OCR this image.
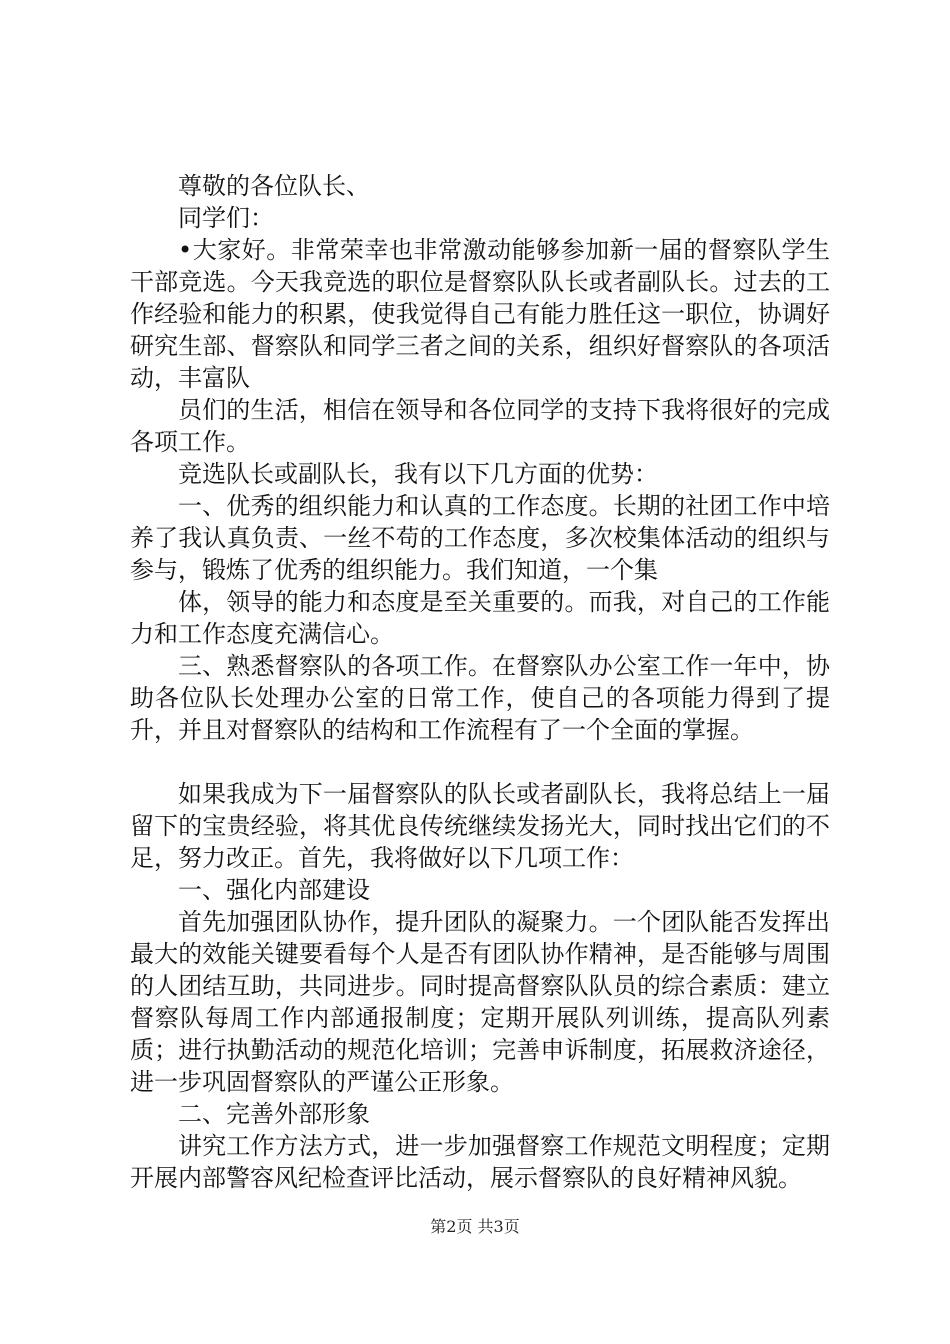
尊敬的各位队长、

同学们：

•大家好。非常荣幸也非常激动能够参加新一届的督察队学生干部竞选。今天我竞选的职位是督察队队长或者副队长。过去的工作经验和能力的积累，使我觉得自己有能力胜任这一职位，协调好研究生部、督察队和同学三者之间的关系，组织好督察队的各项活动，丰富队

员们的生活，相信在领导和各位同学的支持下我将很好的完成各项工作。

竞选队长或副队长，我有以下几方面的优势：

一、优秀的组织能力和认真的工作态度。长期的社团工作中培养了我认真负责、一丝不苟的工作态度，多次校集体活动的组织与参与，锻炼了优秀的组织能力。我们知道，一个集

体，领导的能力和态度是至关重要的。而我，对自己的工作能力和工作态度充满信心。

三、熟悉督察队的各项工作。在督察队办公室工作一年中，协助各位队长处理办公室的日常工作，使自己的各项能力得到了提升，并且对督察队的结构和工作流程有了一个全面的掌握。

如果我成为下一届督察队的队长或者副队长，我将总结上一届留下的宝贵经验，将其优良传统继续发扬光大，同时找出它们的不足，努力改正。首先，我将做好以下几项工作：

一、强化内部建设

首先加强团队协作，提升团队的凝聚力。一个团队能否发挥出最大的效能关键要看每个人是否有团队协作精神，是否能够与周围的人团结互助，共同进步。同时提高督察队队员的综合素质：建立督察队每周工作内部通报制度；定期开展队列训练，提高队列素质；进行执勤活动的规范化培训；完善申诉制度，拓展救济途径，进一步巩固督察队的严谨公正形象。

二、完善外部形象

讲究工作方法方式，进一步加强督察工作规范文明程度；定期开展内部警容风纪检查评比活动，展示督察队的良好精神风貌。

第2页 共3页
